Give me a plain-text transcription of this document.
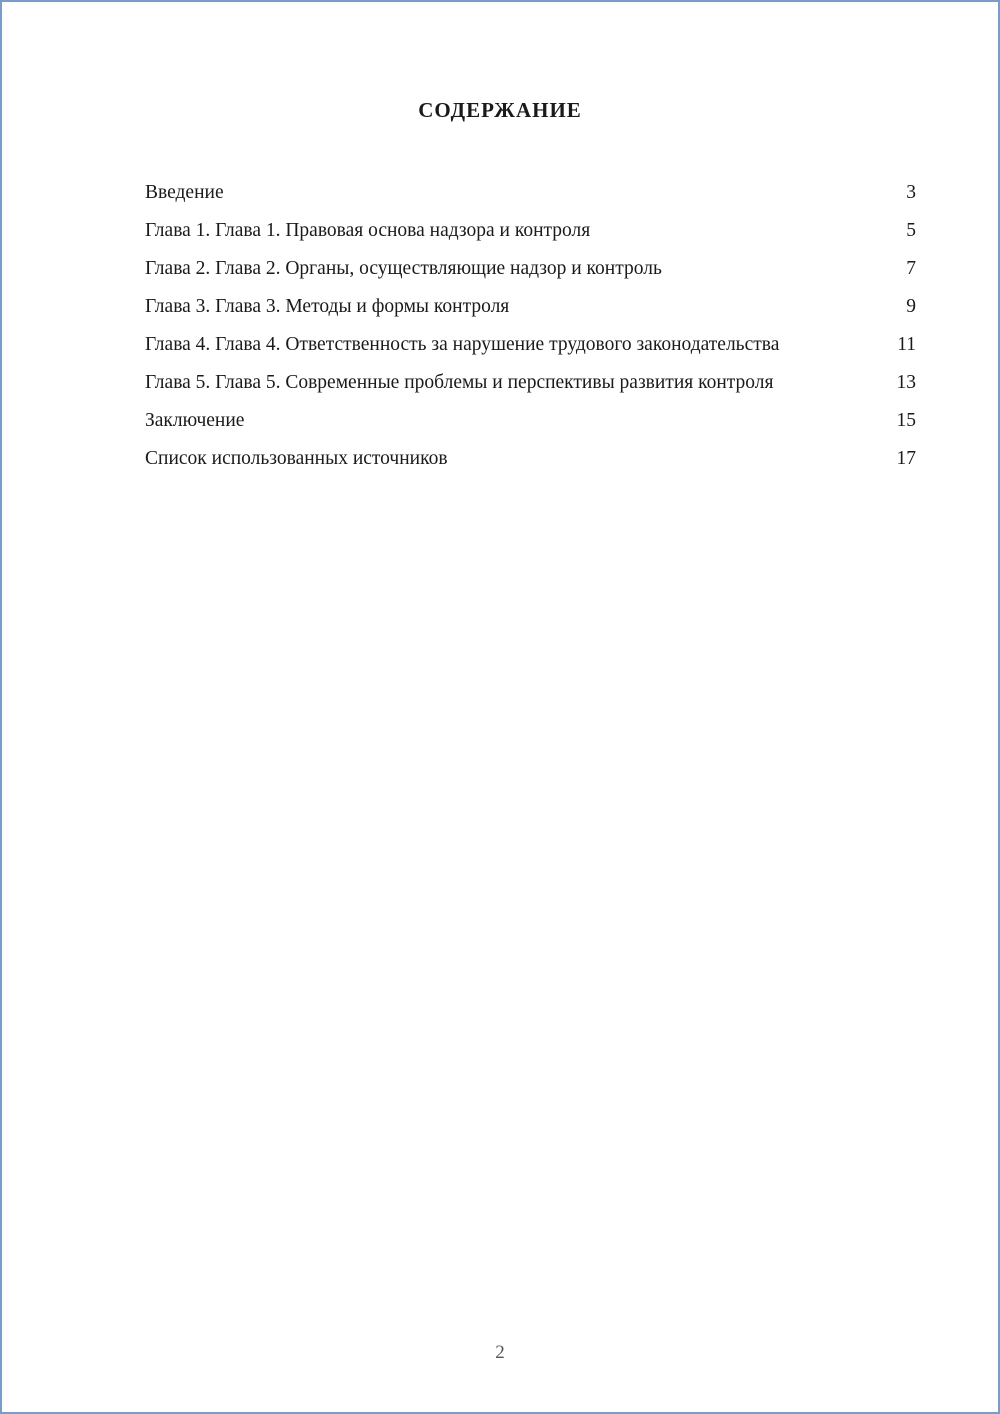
СОДЕРЖАНИЕ
Введение	3
Глава 1. Глава 1. Правовая основа надзора и контроля	5
Глава 2. Глава 2. Органы, осуществляющие надзор и контроль	7
Глава 3. Глава 3. Методы и формы контроля	9
Глава 4. Глава 4. Ответственность за нарушение трудового законодательства	11
Глава 5. Глава 5. Современные проблемы и перспективы развития контроля	13
Заключение	15
Список использованных источников	17
2
